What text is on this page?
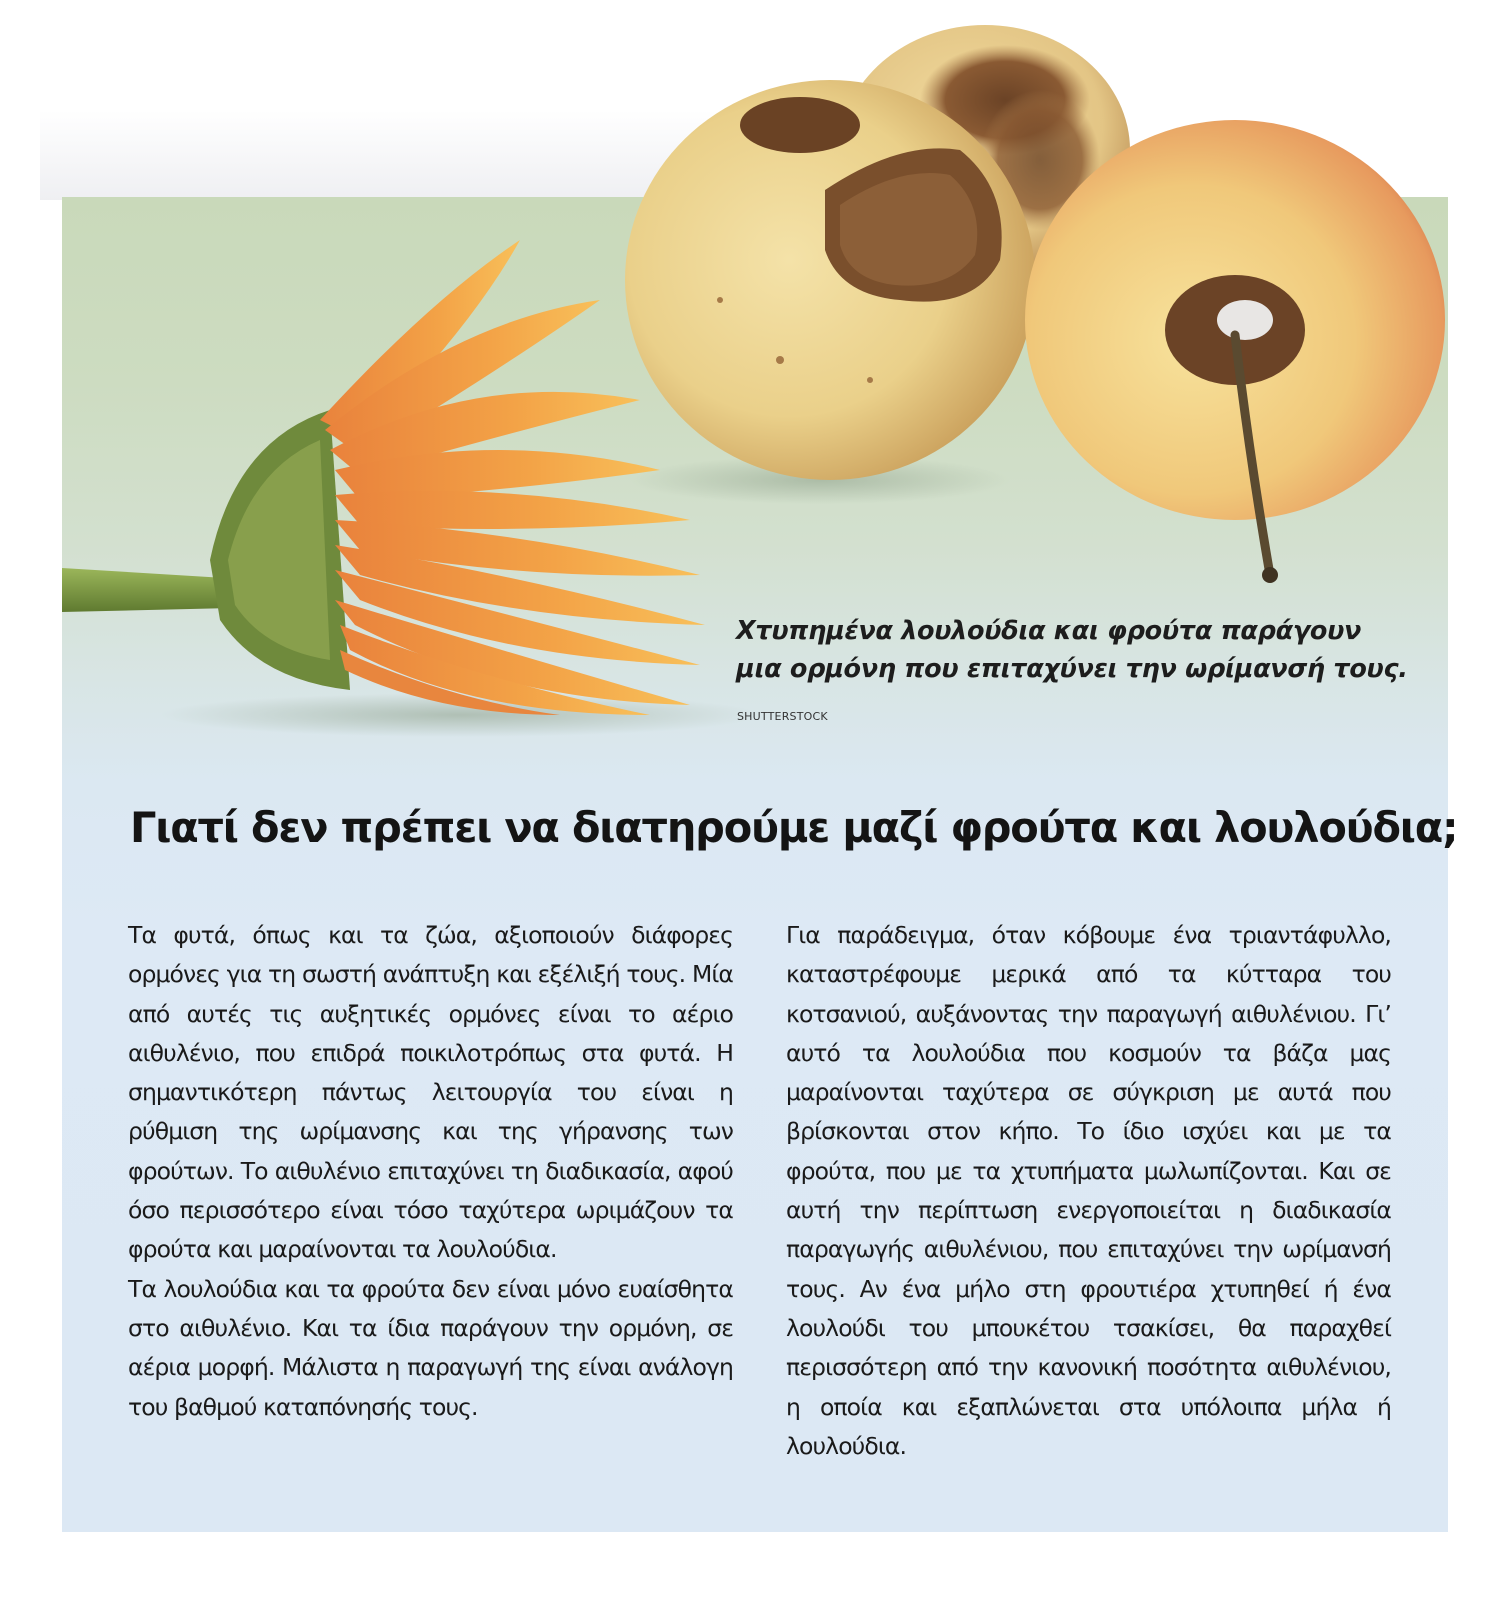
Χτυπημένα λουλούδια και φρούτα παράγουν
μια ορμόνη που επιταχύνει την ωρίμανσή τους.
SHUTTERSTOCK
Γιατί δεν πρέπει να διατηρούμε μαζί φρούτα και λουλούδια;

Τα φυτά, όπως και τα ζώα, αξιοποιούν διάφορες ορμόνες για τη σωστή ανάπτυξη και εξέλιξή τους. Μία από αυτές τις αυξητικές ορμόνες είναι το αέριο αιθυλένιο, που επιδρά ποικιλοτρόπως στα φυτά. Η σημαντικότερη πάντως λειτουργία του είναι η ρύθμιση της ωρίμανσης και της γήρανσης των φρούτων. Το αιθυλένιο επιταχύνει τη διαδικασία, αφού όσο περισσότερο είναι τόσο ταχύτερα ωριμάζουν τα φρούτα και μαραίνονται τα λουλούδια.

Τα λουλούδια και τα φρούτα δεν είναι μόνο ευαίσθητα στο αιθυλένιο. Και τα ίδια παράγουν την ορμόνη, σε αέρια μορφή. Μάλιστα η παραγωγή της είναι ανάλογη του βαθμού καταπόνησής τους.

Για παράδειγμα, όταν κόβουμε ένα τριαντάφυλλο, καταστρέφουμε μερικά από τα κύτταρα του κοτσανιού, αυξάνοντας την παραγωγή αιθυλένιου. Γι’ αυτό τα λουλούδια που κοσμούν τα βάζα μας μαραίνονται ταχύτερα σε σύγκριση με αυτά που βρίσκονται στον κήπο. Το ίδιο ισχύει και με τα φρούτα, που με τα χτυπήματα μωλωπίζονται. Και σε αυτή την περίπτωση ενεργοποιείται η διαδικασία παραγωγής αιθυλένιου, που επιταχύνει την ωρίμανσή τους. Αν ένα μήλο στη φρουτιέρα χτυπηθεί ή ένα λουλούδι του μπουκέτου τσακίσει, θα παραχθεί περισσότερη από την κανονική ποσότητα αιθυλένιου, η οποία και εξαπλώνεται στα υπόλοιπα μήλα ή λουλούδια.
